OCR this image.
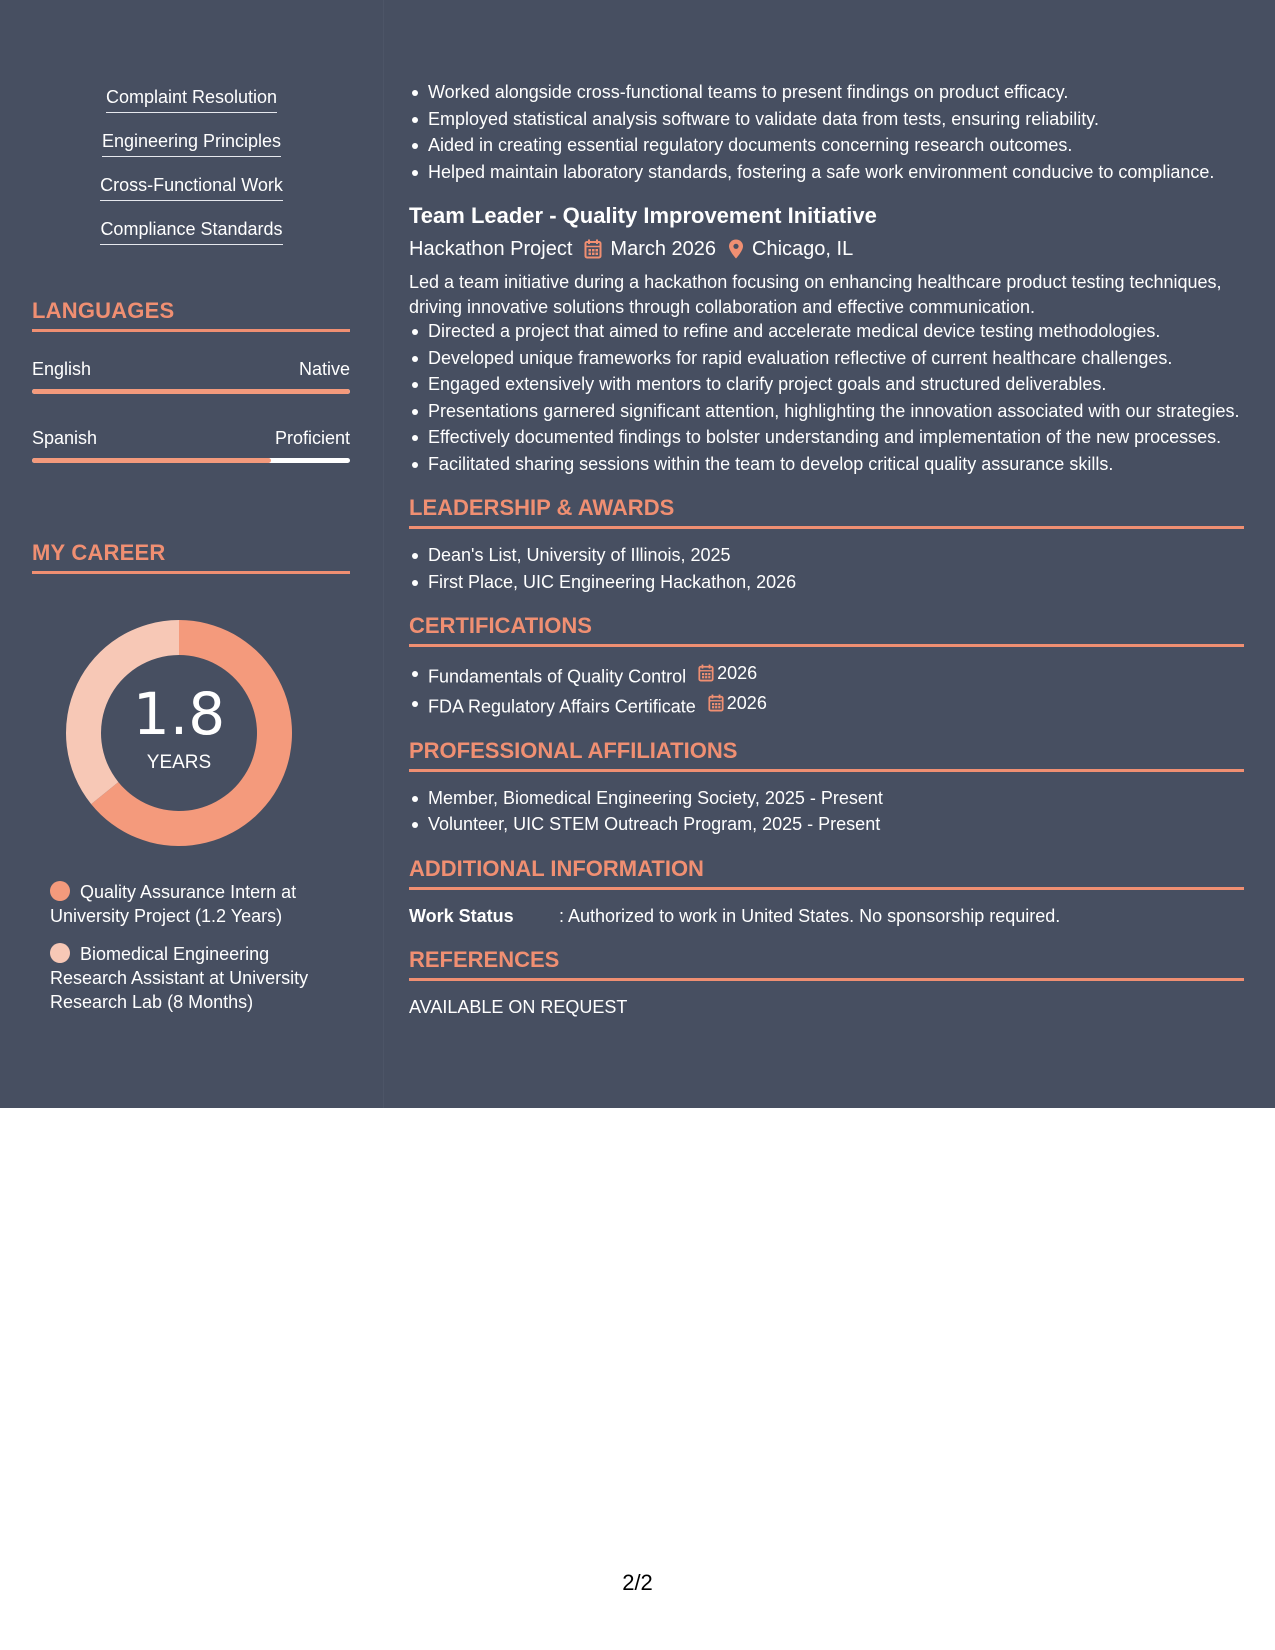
Complaint Resolution
Engineering Principles
Cross-Functional Work
Compliance Standards
LANGUAGES
English	Native
Spanish	Proficient
MY CAREER
1.8
YEARS
Quality Assurance Intern at University Project (1.2 Years)
Biomedical Engineering Research Assistant at University Research Lab (8 Months)
Worked alongside cross-functional teams to present findings on product efficacy.
Employed statistical analysis software to validate data from tests, ensuring reliability.
Aided in creating essential regulatory documents concerning research outcomes.
Helped maintain laboratory standards, fostering a safe work environment conducive to compliance.
Team Leader - Quality Improvement Initiative
Hackathon Project March 2026 Chicago, IL
Led a team initiative during a hackathon focusing on enhancing healthcare product testing techniques, driving innovative solutions through collaboration and effective communication.
Directed a project that aimed to refine and accelerate medical device testing methodologies.
Developed unique frameworks for rapid evaluation reflective of current healthcare challenges.
Engaged extensively with mentors to clarify project goals and structured deliverables.
Presentations garnered significant attention, highlighting the innovation associated with our strategies.
Effectively documented findings to bolster understanding and implementation of the new processes.
Facilitated sharing sessions within the team to develop critical quality assurance skills.
LEADERSHIP & AWARDS
Dean's List, University of Illinois, 2025
First Place, UIC Engineering Hackathon, 2026
CERTIFICATIONS
Fundamentals of Quality Control 2026
FDA Regulatory Affairs Certificate 2026
PROFESSIONAL AFFILIATIONS
Member, Biomedical Engineering Society, 2025 - Present
Volunteer, UIC STEM Outreach Program, 2025 - Present
ADDITIONAL INFORMATION
Work Status	: Authorized to work in United States. No sponsorship required.
REFERENCES
AVAILABLE ON REQUEST
2/2
